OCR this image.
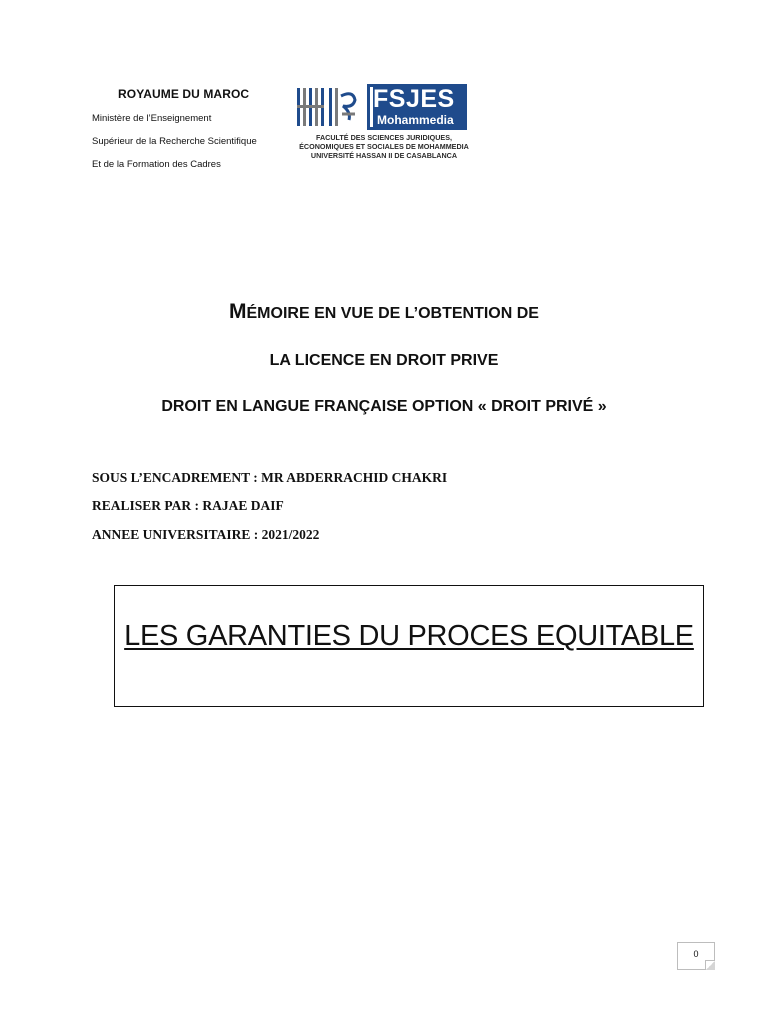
ROYAUME DU MAROC
Ministère de l’Enseignement
Supérieur de la Recherche Scientifique
Et de la Formation des Cadres
FSJES
Mohammedia
FACULTÉ DES SCIENCES JURIDIQUES,
ÉCONOMIQUES ET SOCIALES DE MOHAMMEDIA
UNIVERSITÉ HASSAN II DE CASABLANCA
MÉMOIRE EN VUE DE L’OBTENTION DE
LA LICENCE EN DROIT PRIVE
DROIT EN LANGUE FRANÇAISE OPTION « DROIT PRIVÉ »
SOUS L’ENCADREMENT : MR ABDERRACHID CHAKRI
REALISER PAR : RAJAE DAIF
ANNEE UNIVERSITAIRE : 2021/2022
LES GARANTIES DU PROCES EQUITABLE
0
